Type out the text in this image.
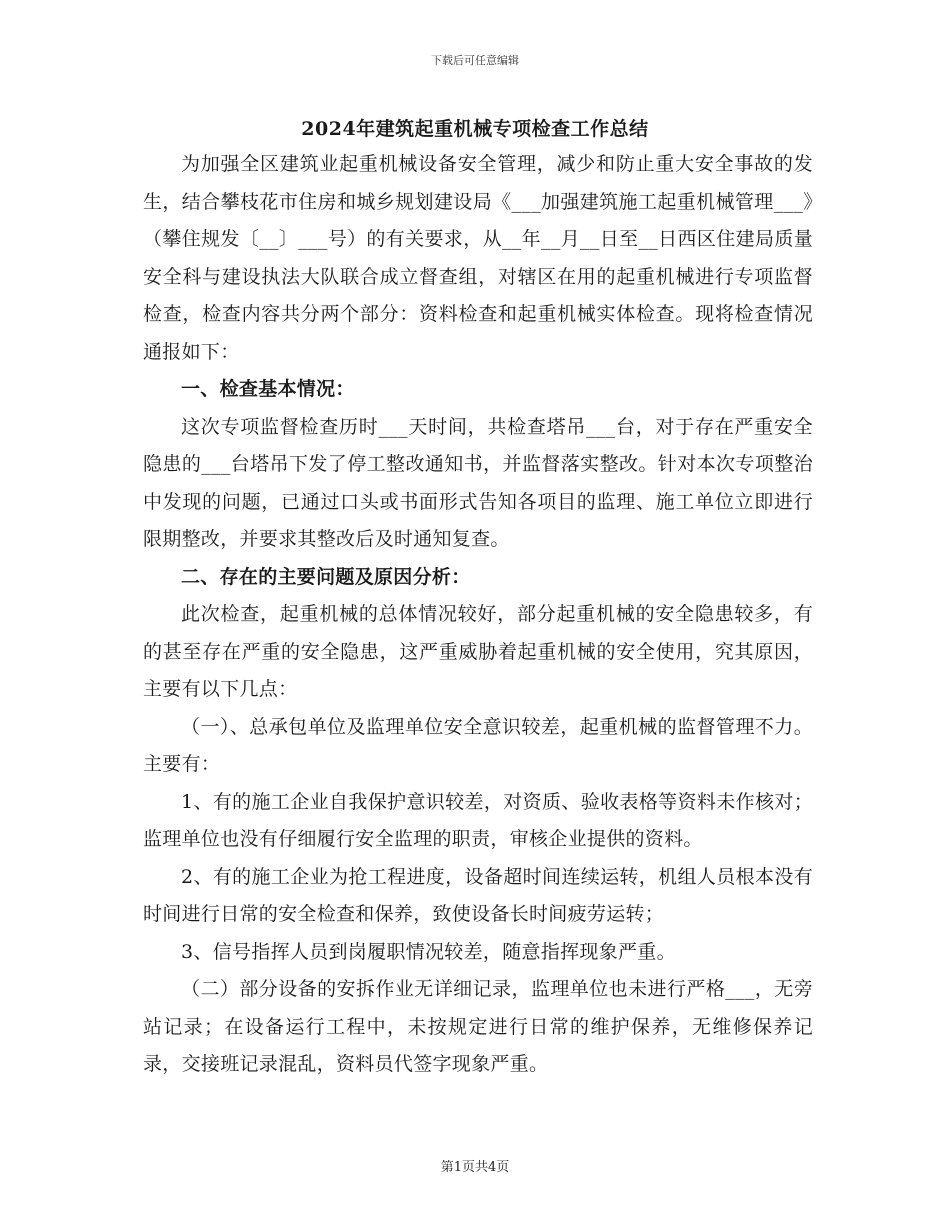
下载后可任意编辑
2024年建筑起重机械专项检查工作总结

为加强全区建筑业起重机械设备安全管理，减少和防止重大安全事故的发生，结合攀枝花市住房和城乡规划建设局《___加强建筑施工起重机械管理___》（攀住规发〔__〕___号）的有关要求，从__年__月__日至__日西区住建局质量安全科与建设执法大队联合成立督查组，对辖区在用的起重机械进行专项监督检查，检查内容共分两个部分：资料检查和起重机械实体检查。现将检查情况通报如下：

一、检查基本情况：

这次专项监督检查历时___天时间，共检查塔吊___台，对于存在严重安全隐患的___台塔吊下发了停工整改通知书，并监督落实整改。针对本次专项整治中发现的问题，已通过口头或书面形式告知各项目的监理、施工单位立即进行限期整改，并要求其整改后及时通知复查。

二、存在的主要问题及原因分析：

此次检查，起重机械的总体情况较好，部分起重机械的安全隐患较多，有的甚至存在严重的安全隐患，这严重威胁着起重机械的安全使用，究其原因，主要有以下几点：

（一）、总承包单位及监理单位安全意识较差，起重机械的监督管理不力。主要有：

1、有的施工企业自我保护意识较差，对资质、验收表格等资料未作核对；监理单位也没有仔细履行安全监理的职责，审核企业提供的资料。

2、有的施工企业为抢工程进度，设备超时间连续运转，机组人员根本没有时间进行日常的安全检查和保养，致使设备长时间疲劳运转；

3、信号指挥人员到岗履职情况较差，随意指挥现象严重。

（二）部分设备的安拆作业无详细记录，监理单位也未进行严格___，无旁站记录；在设备运行工程中，未按规定进行日常的维护保养，无维修保养记录，交接班记录混乱，资料员代签字现象严重。

第1页共4页
